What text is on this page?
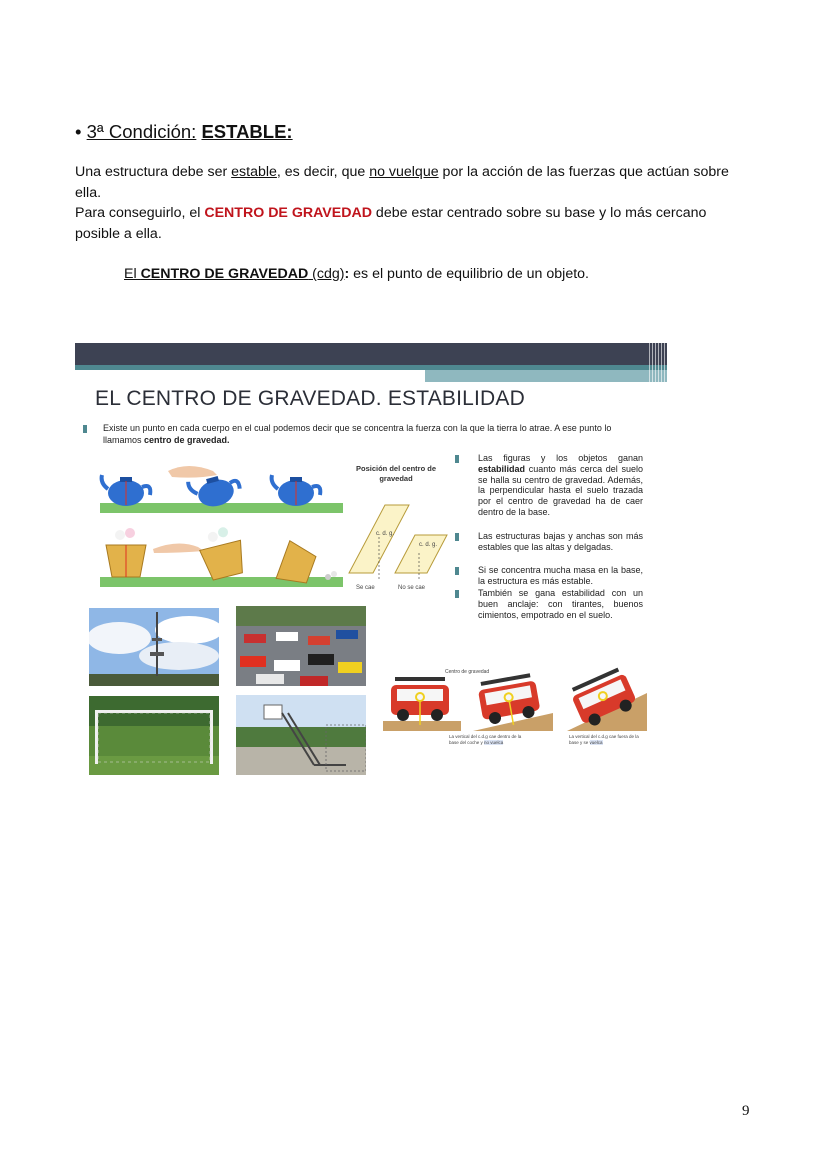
• 3ª Condición: ESTABLE:
Una estructura debe ser estable, es decir, que no vuelque por la acción de las fuerzas que actúan sobre ella.
Para conseguirlo, el CENTRO DE GRAVEDAD debe estar centrado sobre su base y lo más cercano posible a ella.
El CENTRO DE GRAVEDAD (cdg): es el punto de equilibrio de un objeto.
EL CENTRO DE GRAVEDAD. ESTABILIDAD
Existe un punto en cada cuerpo en el cual podemos decir que se concentra la fuerza con la que la tierra lo atrae. A ese punto lo llamamos centro de gravedad.
Posición del centro de gravedad
c. d. g.
c. d. g.
Se cae	No se cae
Las figuras y los objetos ganan estabilidad cuanto más cerca del suelo se halla su centro de gravedad. Además, la perpendicular hasta el suelo trazada por el centro de gravedad ha de caer dentro de la base.
Las estructuras bajas y anchas son más estables que las altas y delgadas.
Si se concentra mucha masa en la base, la estructura es más estable.
También se gana estabilidad con un buen anclaje: con tirantes, buenos cimientos, empotrado en el suelo.
Centro de gravedad
La vertical del c.d.g cae dentro de la base del coche y no vuelca
La vertical del c.d.g cae fuera de la base y se vuelca
9
